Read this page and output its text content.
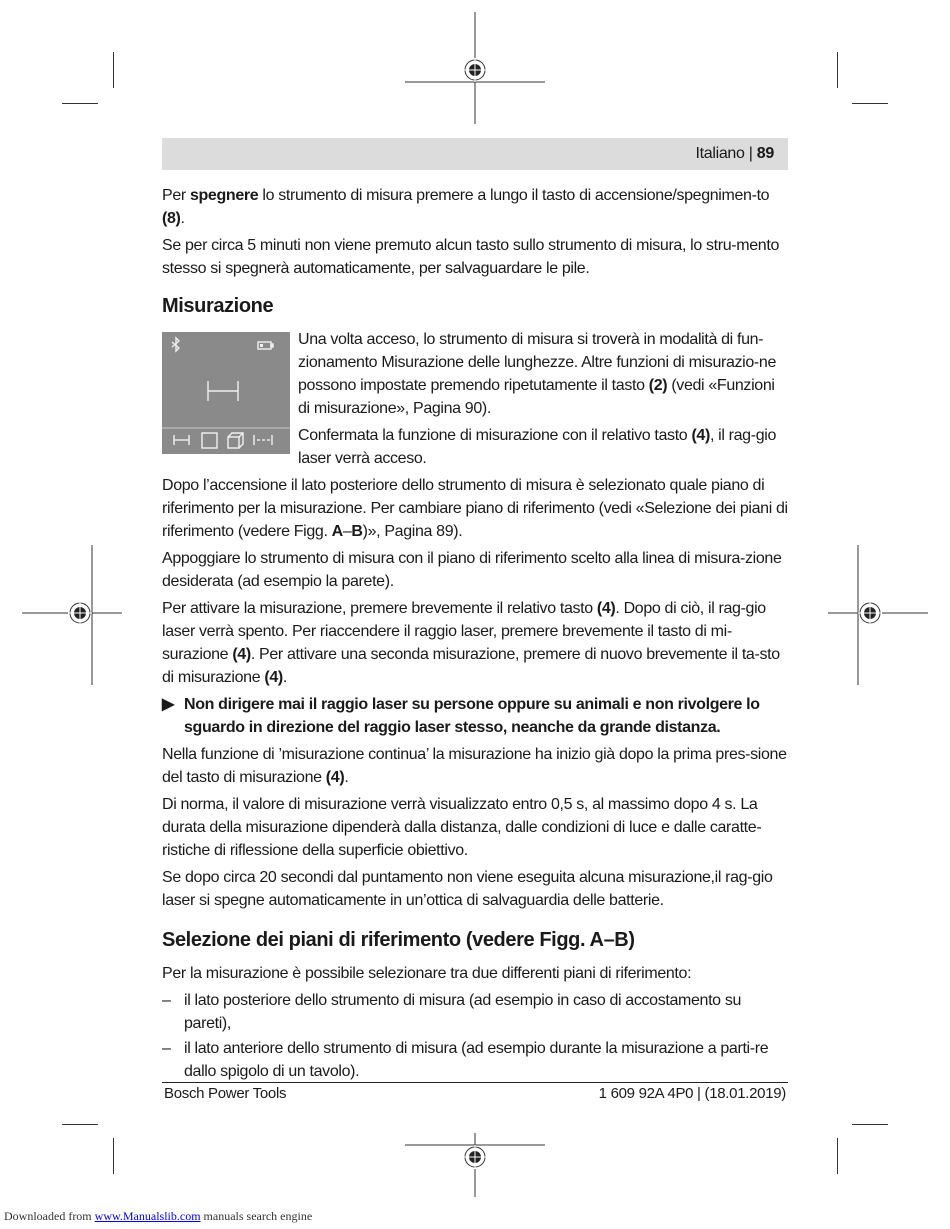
Italiano | 89

Per spegnere lo strumento di misura premere a lungo il tasto di accensione/spegnimen-to (8).

Se per circa 5 minuti non viene premuto alcun tasto sullo strumento di misura, lo stru-mento stesso si spegnerà automaticamente, per salvaguardare le pile.

Misurazione

Una volta acceso, lo strumento di misura si troverà in modalità di fun-zionamento Misurazione delle lunghezze. Altre funzioni di misurazio-ne possono impostate premendo ripetutamente il tasto (2) (vedi «Funzioni di misurazione», Pagina 90).

Confermata la funzione di misurazione con il relativo tasto (4), il rag-gio laser verrà acceso.

Dopo l’accensione il lato posteriore dello strumento di misura è selezionato quale piano di riferimento per la misurazione. Per cambiare piano di riferimento (vedi «Selezione dei piani di riferimento (vedere Figg. A–B)», Pagina 89).

Appoggiare lo strumento di misura con il piano di riferimento scelto alla linea di misura-zione desiderata (ad esempio la parete).

Per attivare la misurazione, premere brevemente il relativo tasto (4). Dopo di ciò, il rag-gio laser verrà spento. Per riaccendere il raggio laser, premere brevemente il tasto di mi-surazione (4). Per attivare una seconda misurazione, premere di nuovo brevemente il ta-sto di misurazione (4).

▶ Non dirigere mai il raggio laser su persone oppure su animali e non rivolgere lo sguardo in direzione del raggio laser stesso, neanche da grande distanza.

Nella funzione di ’misurazione continua’ la misurazione ha inizio già dopo la prima pres-sione del tasto di misurazione (4).

Di norma, il valore di misurazione verrà visualizzato entro 0,5 s, al massimo dopo 4 s. La durata della misurazione dipenderà dalla distanza, dalle condizioni di luce e dalle caratte-ristiche di riflessione della superficie obiettivo.

Se dopo circa 20 secondi dal puntamento non viene eseguita alcuna misurazione,il rag-gio laser si spegne automaticamente in un’ottica di salvaguardia delle batterie.

Selezione dei piani di riferimento (vedere Figg. A–B)

Per la misurazione è possibile selezionare tra due differenti piani di riferimento:

– il lato posteriore dello strumento di misura (ad esempio in caso di accostamento su pareti),
– il lato anteriore dello strumento di misura (ad esempio durante la misurazione a parti-re dallo spigolo di un tavolo).
Bosch Power Tools	1 609 92A 4P0 | (18.01.2019)
Downloaded from www.Manualslib.com manuals search engine
